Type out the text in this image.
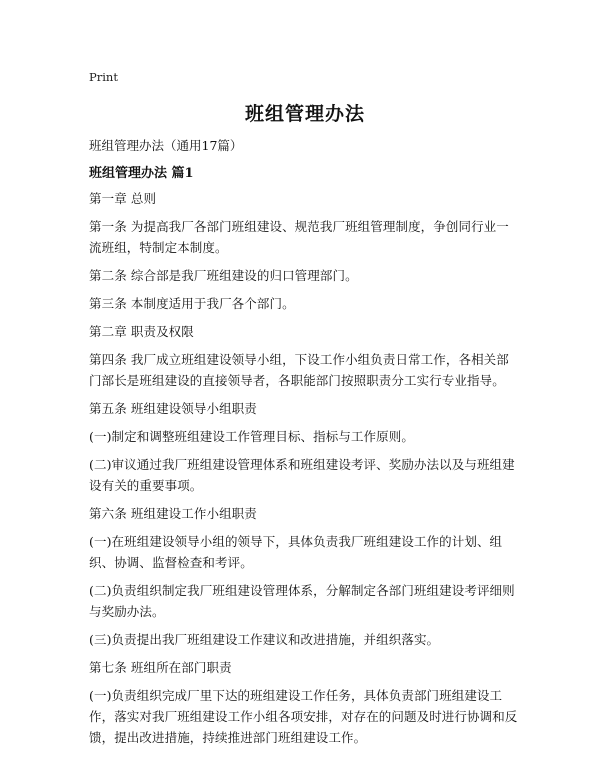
Print
班组管理办法
班组管理办法（通用17篇）
班组管理办法 篇1

第一章 总则

第一条 为提高我厂各部门班组建设、规范我厂班组管理制度，争创同行业一流班组，特制定本制度。

第二条 综合部是我厂班组建设的归口管理部门。

第三条 本制度适用于我厂各个部门。

第二章 职责及权限

第四条 我厂成立班组建设领导小组，下设工作小组负责日常工作，各相关部门部长是班组建设的直接领导者，各职能部门按照职责分工实行专业指导。

第五条 班组建设领导小组职责

(一)制定和调整班组建设工作管理目标、指标与工作原则。

(二)审议通过我厂班组建设管理体系和班组建设考评、奖励办法以及与班组建设有关的重要事项。

第六条 班组建设工作小组职责

(一)在班组建设领导小组的领导下，具体负责我厂班组建设工作的计划、组织、协调、监督检查和考评。

(二)负责组织制定我厂班组建设管理体系，分解制定各部门班组建设考评细则与奖励办法。

(三)负责提出我厂班组建设工作建议和改进措施，并组织落实。

第七条 班组所在部门职责

(一)负责组织完成厂里下达的班组建设工作任务，具体负责部门班组建设工作，落实对我厂班组建设工作小组各项安排，对存在的问题及时进行协调和反馈，提出改进措施，持续推进部门班组建设工作。
